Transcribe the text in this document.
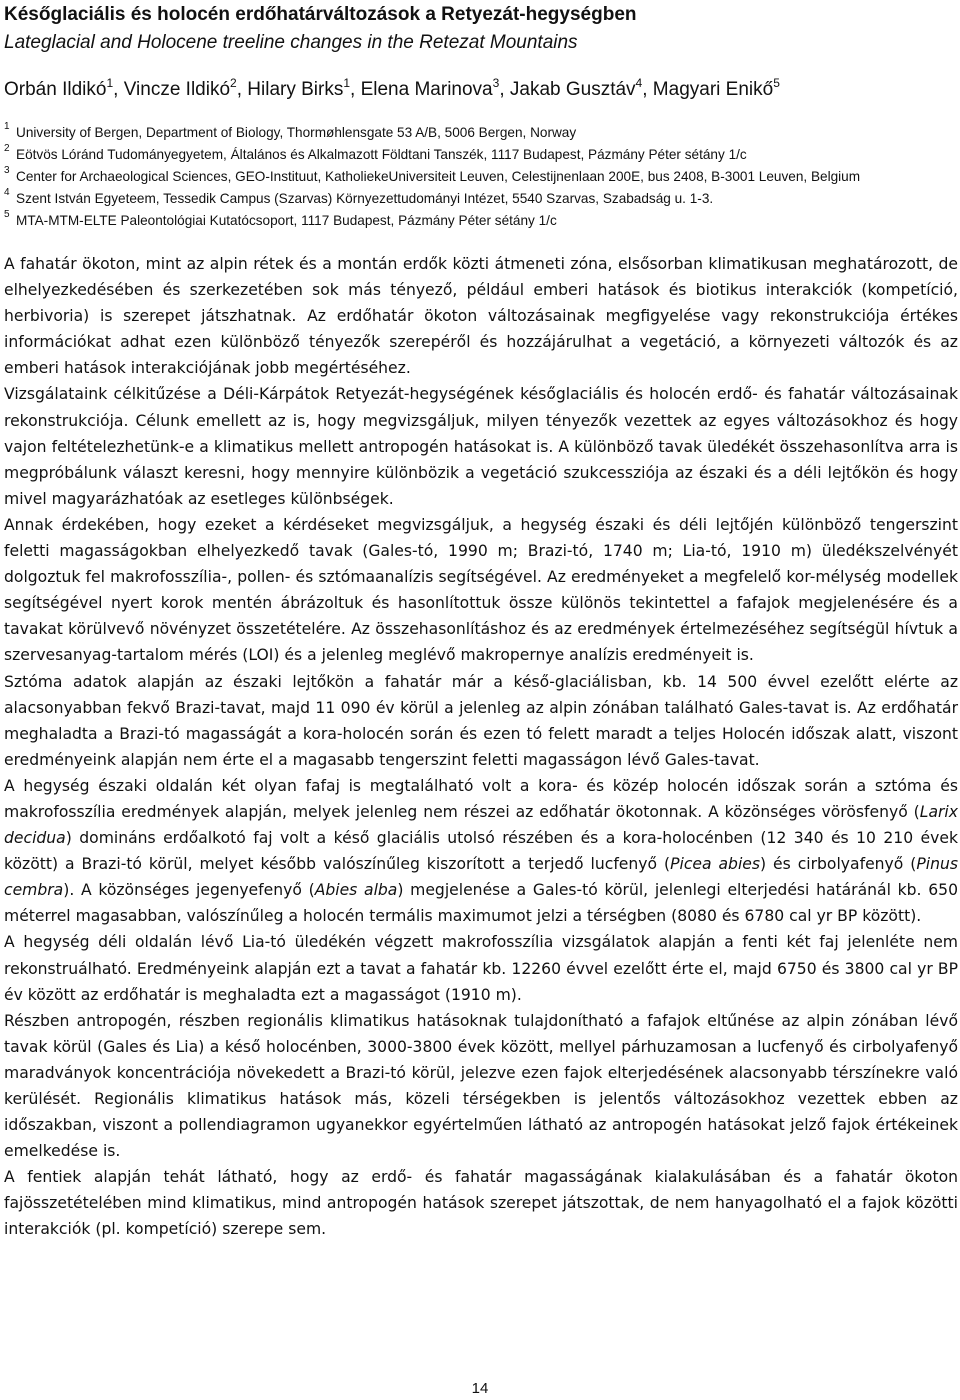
Későglaciális és holocén erdőhatárváltozások a Retyezát-hegységben
Lateglacial and Holocene treeline changes in the Retezat Mountains
Orbán Ildikó$^1$, Vincze Ildikó$^2$, Hilary Birks$^1$, Elena Marinova$^3$, Jakab Gusztáv$^4$, Magyari Enikő$^5$
1 University of Bergen, Department of Biology, Thormøhlensgate 53 A/B, 5006 Bergen, Norway
2 Eötvös Lóránd Tudományegyetem, Általános és Alkalmazott Földtani Tanszék, 1117 Budapest, Pázmány Péter sétány 1/c
3 Center for Archaeological Sciences, GEO-Instituut, KatholiekeUniversiteit Leuven, Celestijnenlaan 200E, bus 2408, B-3001 Leuven, Belgium
4 Szent István Egyeteem, Tessedik Campus (Szarvas) Környezettudományi Intézet, 5540 Szarvas, Szabadság u. 1-3.
5 MTA-MTM-ELTE Paleontológiai Kutatócsoport, 1117 Budapest, Pázmány Péter sétány 1/c

A fahatár ökoton, mint az alpin rétek és a montán erdők közti átmeneti zóna, elsősorban klimatikusan meghatározott, de elhelyezkedésében és szerkezetében sok más tényező, például emberi hatások és biotikus interakciók (kompetíció, herbivoria) is szerepet játszhatnak. Az erdőhatár ökoton változásainak megfigyelése vagy rekonstrukciója értékes információkat adhat ezen különböző tényezők szerepéről és hozzájárulhat a vegetáció, a környezeti változók és az emberi hatások interakciójának jobb megértéséhez.

Vizsgálataink célkitűzése a Déli-Kárpátok Retyezát-hegységének későglaciális és holocén erdő- és fahatár változásainak rekonstrukciója. Célunk emellett az is, hogy megvizsgáljuk, milyen tényezők vezettek az egyes változásokhoz és hogy vajon feltételezhetünk-e a klimatikus mellett antropogén hatásokat is. A különböző tavak üledékét összehasonlítva arra is megpróbálunk választ keresni, hogy mennyire különbözik a vegetáció szukcessziója az északi és a déli lejtőkön és hogy mivel magyarázhatóak az esetleges különbségek.

Annak érdekében, hogy ezeket a kérdéseket megvizsgáljuk, a hegység északi és déli lejtőjén különböző tengerszint feletti magasságokban elhelyezkedő tavak (Gales-tó, 1990 m; Brazi-tó, 1740 m; Lia-tó, 1910 m) üledékszelvényét dolgoztuk fel makrofosszília-, pollen- és sztómaanalízis segítségével. Az eredményeket a megfelelő kor-mélység modellek segítségével nyert korok mentén ábrázoltuk és hasonlítottuk össze különös tekintettel a fafajok megjelenésére és a tavakat körülvevő növényzet összetételére. Az összehasonlításhoz és az eredmények értelmezéséhez segítségül hívtuk a szervesanyag-tartalom mérés (LOI) és a jelenleg meglévő makropernye analízis eredményeit is.

Sztóma adatok alapján az északi lejtőkön a fahatár már a késő-glaciálisban, kb. 14 500 évvel ezelőtt elérte az alacsonyabban fekvő Brazi-tavat, majd 11 090 év körül a jelenleg az alpin zónában található Gales-tavat is. Az erdőhatár meghaladta a Brazi-tó magasságát a kora-holocén során és ezen tó felett maradt a teljes Holocén időszak alatt, viszont eredményeink alapján nem érte el a magasabb tengerszint feletti magasságon lévő Gales-tavat.

A hegység északi oldalán két olyan fafaj is megtalálható volt a kora- és közép holocén időszak során a sztóma és makrofosszília eredmények alapján, melyek jelenleg nem részei az edőhatár ökotonnak. A közönséges vörösfenyő (Larix decidua) domináns erdőalkotó faj volt a késő glaciális utolsó részében és a kora-holocénben (12 340 és 10 210 évek között) a Brazi-tó körül, melyet később valószínűleg kiszorított a terjedő lucfenyő (Picea abies) és cirbolyafenyő (Pinus cembra). A közönséges jegenyefenyő (Abies alba) megjelenése a Gales-tó körül, jelenlegi elterjedési határánál kb. 650 méterrel magasabban, valószínűleg a holocén termális maximumot jelzi a térségben (8080 és 6780 cal yr BP között).

A hegység déli oldalán lévő Lia-tó üledékén végzett makrofosszília vizsgálatok alapján a fenti két faj jelenléte nem rekonstruálható. Eredményeink alapján ezt a tavat a fahatár kb. 12260 évvel ezelőtt érte el, majd 6750 és 3800 cal yr BP év között az erdőhatár is meghaladta ezt a magasságot (1910 m).

Részben antropogén, részben regionális klimatikus hatásoknak tulajdonítható a fafajok eltűnése az alpin zónában lévő tavak körül (Gales és Lia) a késő holocénben, 3000-3800 évek között, mellyel párhuzamosan a lucfenyő és cirbolyafenyő maradványok koncentrációja növekedett a Brazi-tó körül, jelezve ezen fajok elterjedésének alacsonyabb térszínekre való kerülését. Regionális klimatikus hatások más, közeli térségekben is jelentős változásokhoz vezettek ebben az időszakban, viszont a pollendiagramon ugyanekkor egyértelműen látható az antropogén hatásokat jelző fajok értékeinek emelkedése is.

A fentiek alapján tehát látható, hogy az erdő- és fahatár magasságának kialakulásában és a fahatár ökoton fajösszetételében mind klimatikus, mind antropogén hatások szerepet játszottak, de nem hanyagolható el a fajok közötti interakciók (pl. kompetíció) szerepe sem.

14
